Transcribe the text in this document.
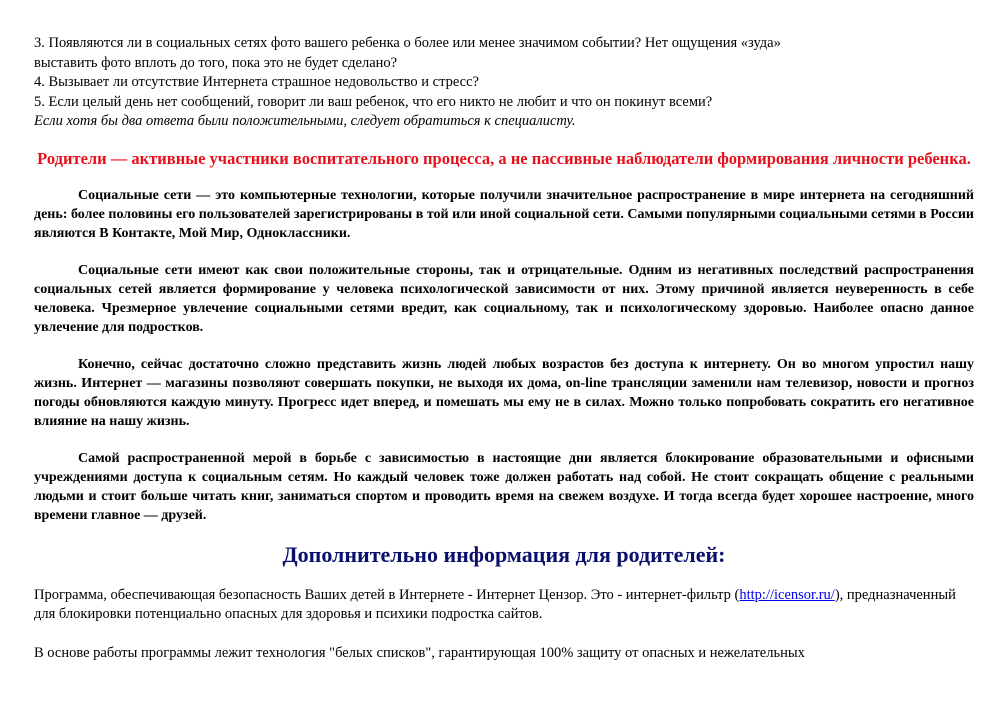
3. Появляются ли в социальных сетях фото вашего ребенка о более или менее значимом событии? Нет ощущения «зуда»

выставить фото вплоть до того, пока это не будет сделано?

4. Вызывает ли отсутствие Интернета страшное недовольство и стресс?

5. Если целый день нет сообщений, говорит ли ваш ребенок, что его никто не любит и что он покинут всеми?

Если хотя бы два ответа были положительными, следует обратиться к специалисту.

Родители — активные участники воспитательного процесса, а не пассивные наблюдатели формирования личности ребенка.

Социальные сети — это компьютерные технологии, которые получили значительное распространение в мире интернета на сегодняшний день: более половины его пользователей зарегистрированы в той или иной социальной сети. Самыми популярными социальными сетями в России являются В Контакте, Мой Мир, Одноклассники.

Социальные сети имеют как свои положительные стороны, так и отрицательные. Одним из негативных последствий распространения социальных сетей является формирование у человека психологической зависимости от них. Этому причиной является неуверенность в себе человека. Чрезмерное увлечение социальными сетями вредит, как социальному, так и психологическому здоровью. Наиболее опасно данное увлечение для подростков.

Конечно, сейчас достаточно сложно представить жизнь людей любых возрастов без доступа к интернету. Он во многом упростил нашу жизнь. Интернет — магазины позволяют совершать покупки, не выходя их дома, on-line трансляции заменили нам телевизор, новости и прогноз погоды обновляются каждую минуту. Прогресс идет вперед, и помешать мы ему не в силах. Можно только попробовать сократить его негативное влияние на нашу жизнь.

Самой распространенной мерой в борьбе с зависимостью в настоящие дни является блокирование образовательными и офисными учреждениями доступа к социальным сетям. Но каждый человек тоже должен работать над собой. Не стоит сокращать общение с реальными людьми и стоит больше читать книг, заниматься спортом и проводить время на свежем воздухе. И тогда всегда будет хорошее настроение, много времени главное — друзей.

Дополнительно информация для родителей:

Программа, обеспечивающая безопасность Ваших детей в Интернете - Интернет Цензор. Это - интернет-фильтр (http://icensor.ru/), предназначенный для блокировки потенциально опасных для здоровья и психики подростка сайтов.

В основе работы программы лежит технология "белых списков", гарантирующая 100% защиту от опасных и нежелательных
